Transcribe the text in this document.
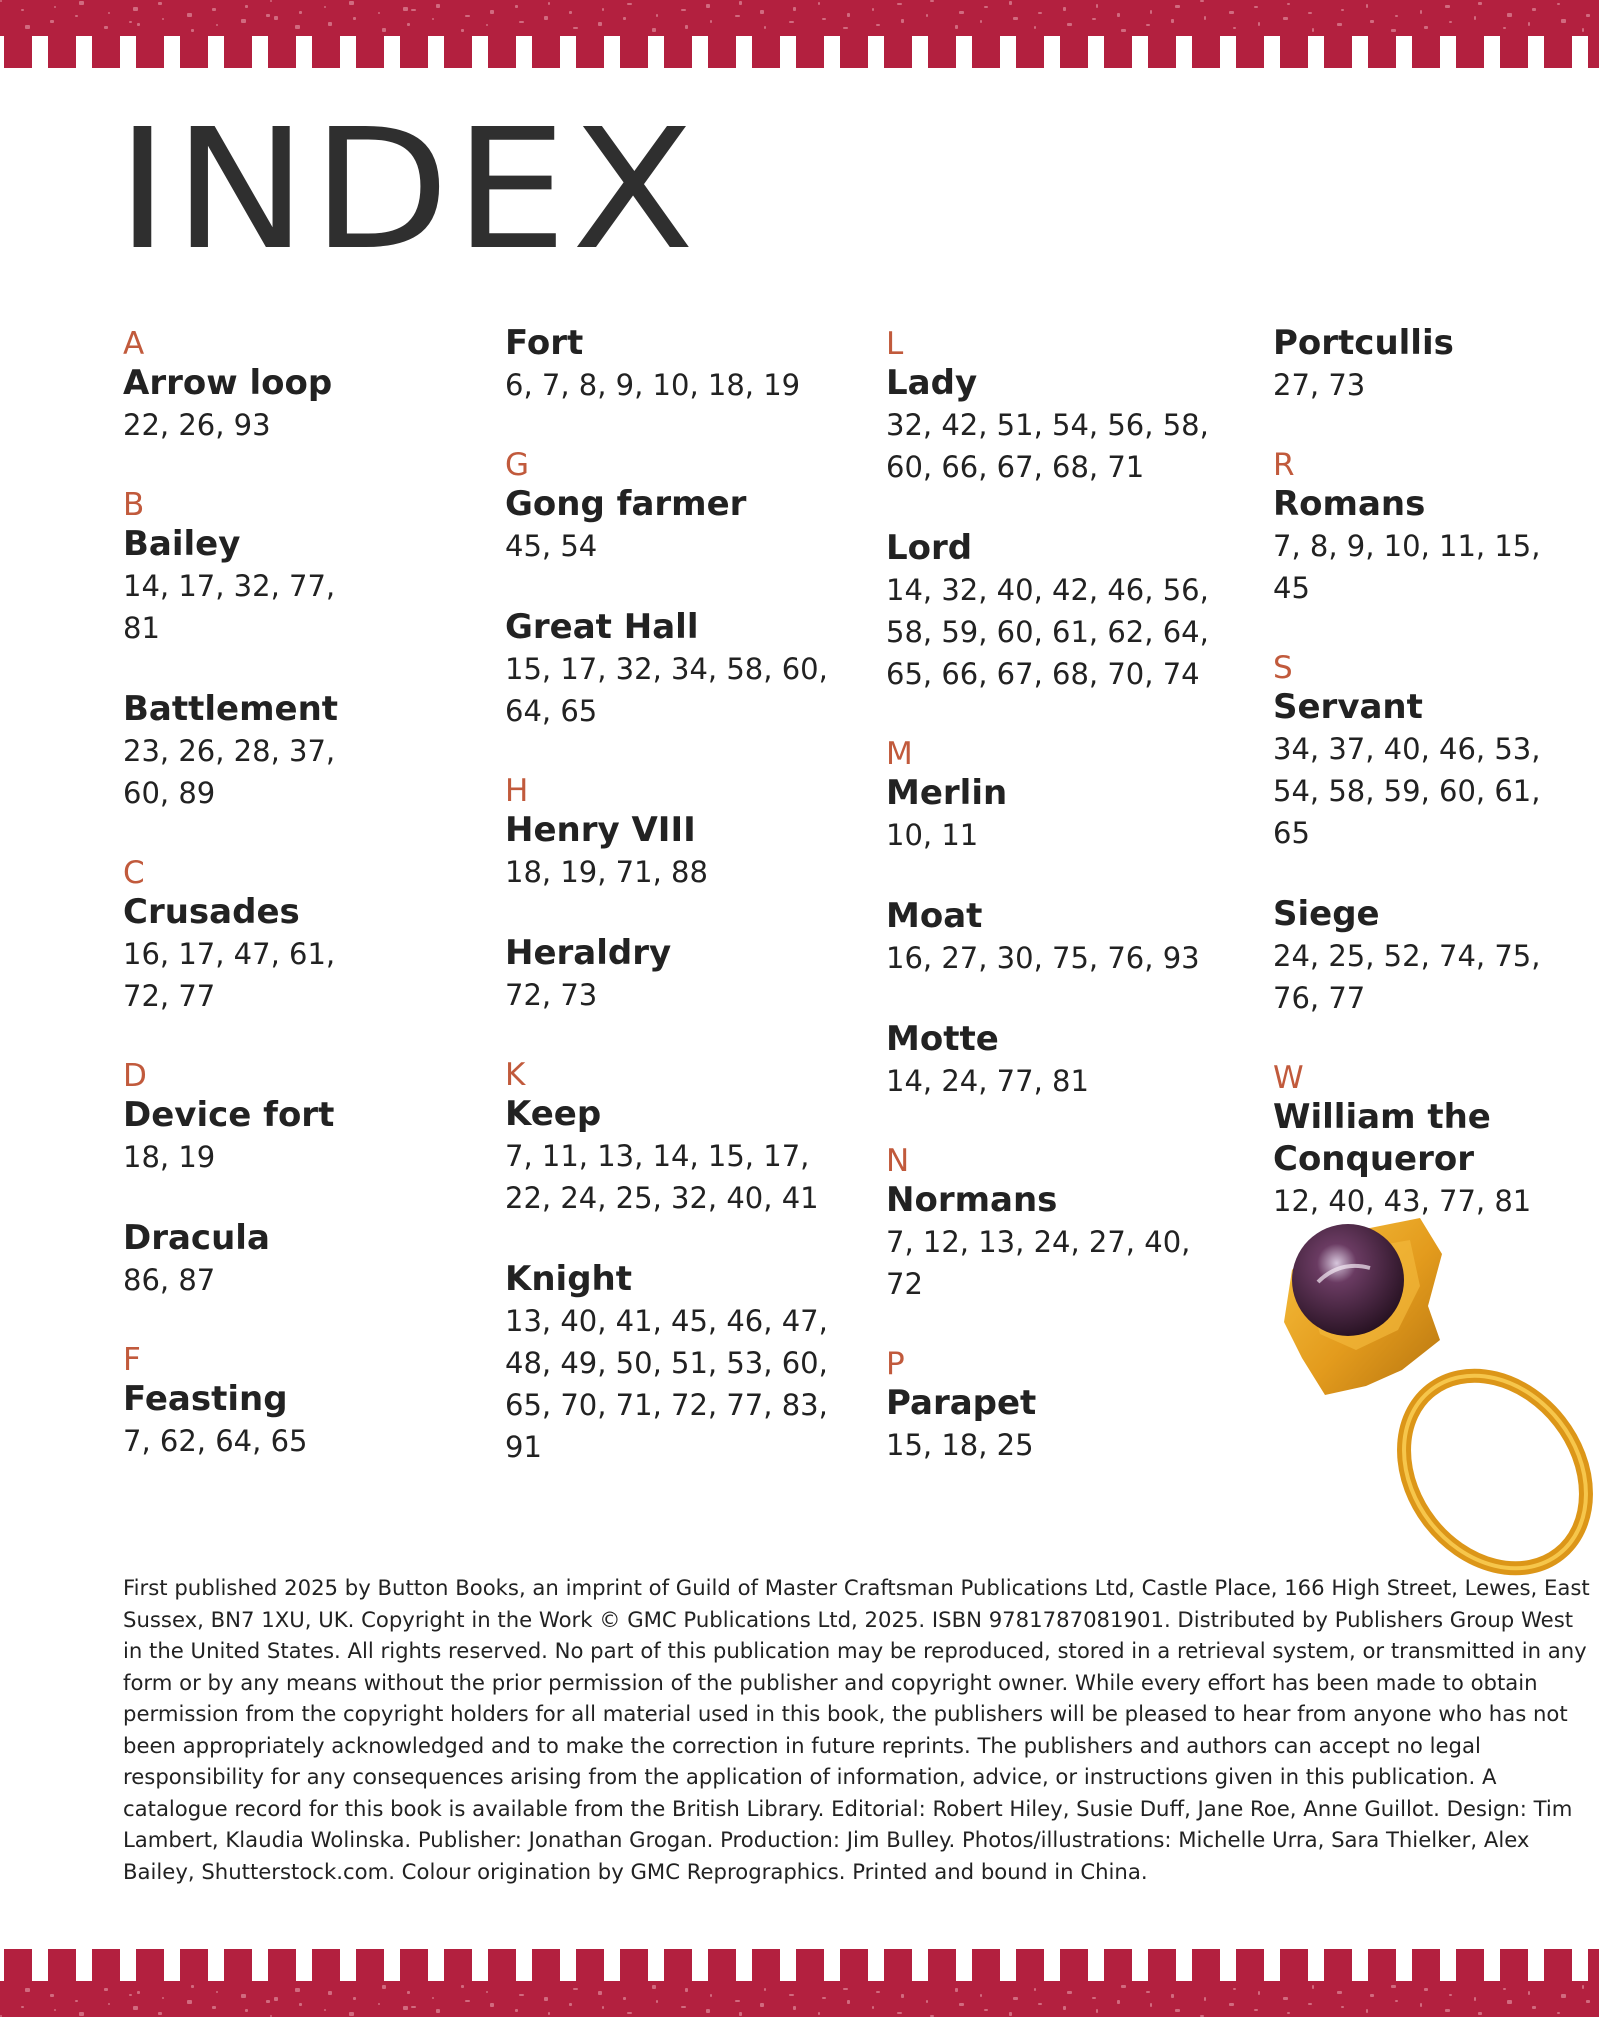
INDEX
A
Arrow loop
22, 26, 93
B
Bailey
14, 17, 32, 77, 81
Battlement
23, 26, 28, 37, 60, 89
C
Crusades
16, 17, 47, 61, 72, 77
D
Device fort
18, 19
Dracula
86, 87
F
Feasting
7, 62, 64, 65
Fort
6, 7, 8, 9, 10, 18, 19
G
Gong farmer
45, 54
Great Hall
15, 17, 32, 34, 58, 60, 64, 65
H
Henry VIII
18, 19, 71, 88
Heraldry
72, 73
K
Keep
7, 11, 13, 14, 15, 17, 22, 24, 25, 32, 40, 41
Knight
13, 40, 41, 45, 46, 47, 48, 49, 50, 51, 53, 60, 65, 70, 71, 72, 77, 83, 91
L
Lady
32, 42, 51, 54, 56, 58, 60, 66, 67, 68, 71
Lord
14, 32, 40, 42, 46, 56, 58, 59, 60, 61, 62, 64, 65, 66, 67, 68, 70, 74
M
Merlin
10, 11
Moat
16, 27, 30, 75, 76, 93
Motte
14, 24, 77, 81
N
Normans
7, 12, 13, 24, 27, 40, 72
P
Parapet
15, 18, 25
Portcullis
27, 73
R
Romans
7, 8, 9, 10, 11, 15, 45
S
Servant
34, 37, 40, 46, 53, 54, 58, 59, 60, 61, 65
Siege
24, 25, 52, 74, 75, 76, 77
W
William the Conqueror
12, 40, 43, 77, 81

First published 2025 by Button Books, an imprint of Guild of Master Craftsman Publications Ltd, Castle Place, 166 High Street, Lewes, East Sussex, BN7 1XU, UK. Copyright in the Work © GMC Publications Ltd, 2025. ISBN 9781787081901. Distributed by Publishers Group West in the United States. All rights reserved. No part of this publication may be reproduced, stored in a retrieval system, or transmitted in any form or by any means without the prior permission of the publisher and copyright owner. While every effort has been made to obtain permission from the copyright holders for all material used in this book, the publishers will be pleased to hear from anyone who has not been appropriately acknowledged and to make the correction in future reprints. The publishers and authors can accept no legal responsibility for any consequences arising from the application of information, advice, or instructions given in this publication. A catalogue record for this book is available from the British Library. Editorial: Robert Hiley, Susie Duff, Jane Roe, Anne Guillot. Design: Tim Lambert, Klaudia Wolinska. Publisher: Jonathan Grogan. Production: Jim Bulley. Photos/illustrations: Michelle Urra, Sara Thielker, Alex Bailey, Shutterstock.com. Colour origination by GMC Reprographics. Printed and bound in China.
